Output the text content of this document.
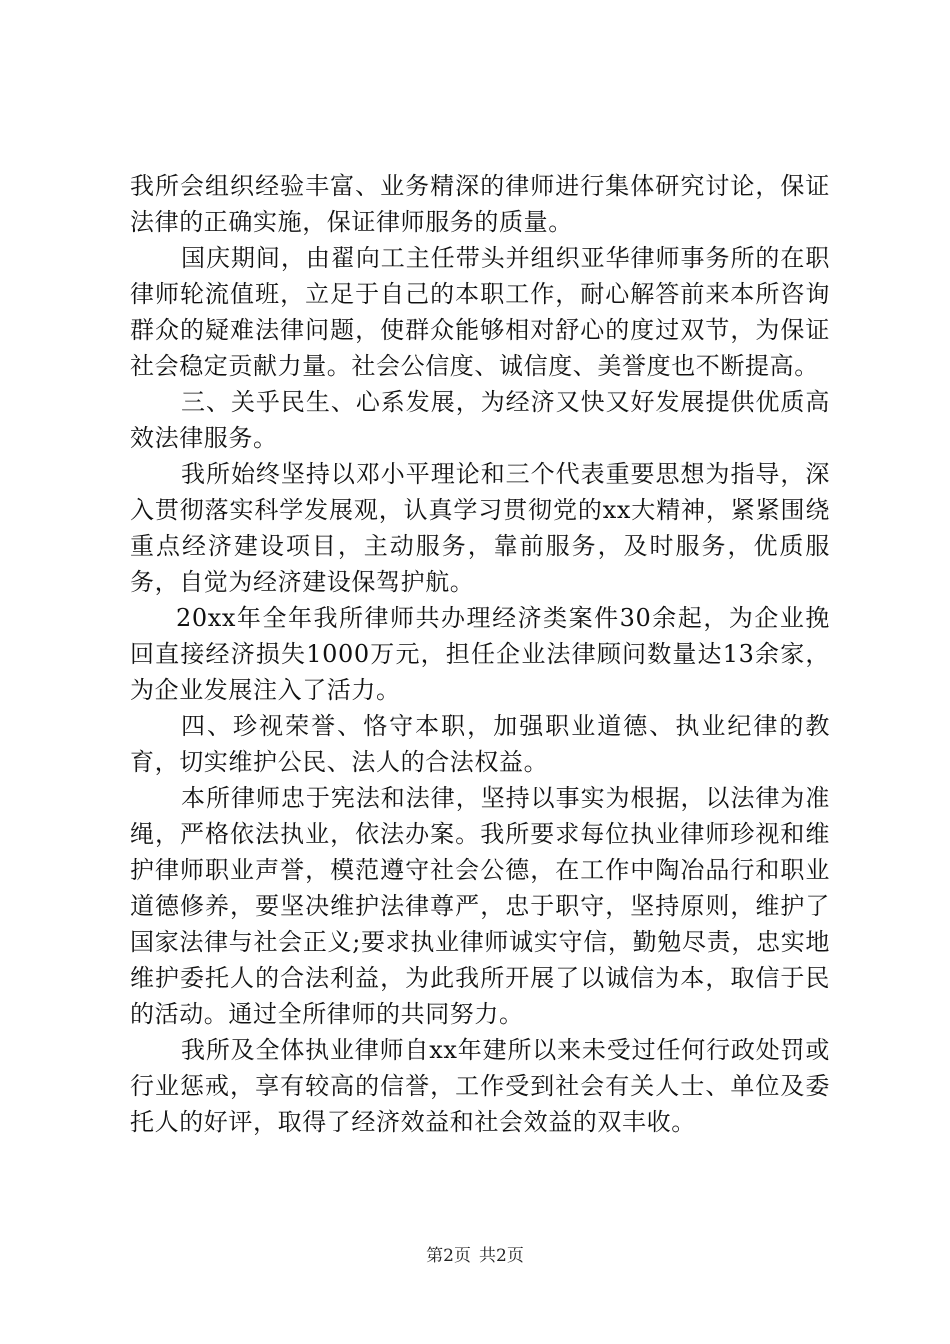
我所会组织经验丰富、业务精深的律师进行集体研究讨论，保证法律的正确实施，保证律师服务的质量。

国庆期间，由翟向工主任带头并组织亚华律师事务所的在职律师轮流值班，立足于自己的本职工作，耐心解答前来本所咨询群众的疑难法律问题，使群众能够相对舒心的度过双节，为保证社会稳定贡献力量。社会公信度、诚信度、美誉度也不断提高。

三、关乎民生、心系发展，为经济又快又好发展提供优质高效法律服务。

我所始终坚持以邓小平理论和三个代表重要思想为指导，深入贯彻落实科学发展观，认真学习贯彻党的xx大精神，紧紧围绕重点经济建设项目，主动服务，靠前服务，及时服务，优质服务，自觉为经济建设保驾护航。

20xx年全年我所律师共办理经济类案件30余起，为企业挽回直接经济损失1000万元，担任企业法律顾问数量达13余家，为企业发展注入了活力。

四、珍视荣誉、恪守本职，加强职业道德、执业纪律的教育，切实维护公民、法人的合法权益。

本所律师忠于宪法和法律，坚持以事实为根据，以法律为准绳，严格依法执业，依法办案。我所要求每位执业律师珍视和维护律师职业声誉，模范遵守社会公德，在工作中陶冶品行和职业道德修养，要坚决维护法律尊严，忠于职守，坚持原则，维护了国家法律与社会正义;要求执业律师诚实守信，勤勉尽责，忠实地维护委托人的合法利益，为此我所开展了以诚信为本，取信于民的活动。通过全所律师的共同努力。

我所及全体执业律师自xx年建所以来未受过任何行政处罚或行业惩戒，享有较高的信誉，工作受到社会有关人士、单位及委托人的好评，取得了经济效益和社会效益的双丰收。

第2页 共2页
